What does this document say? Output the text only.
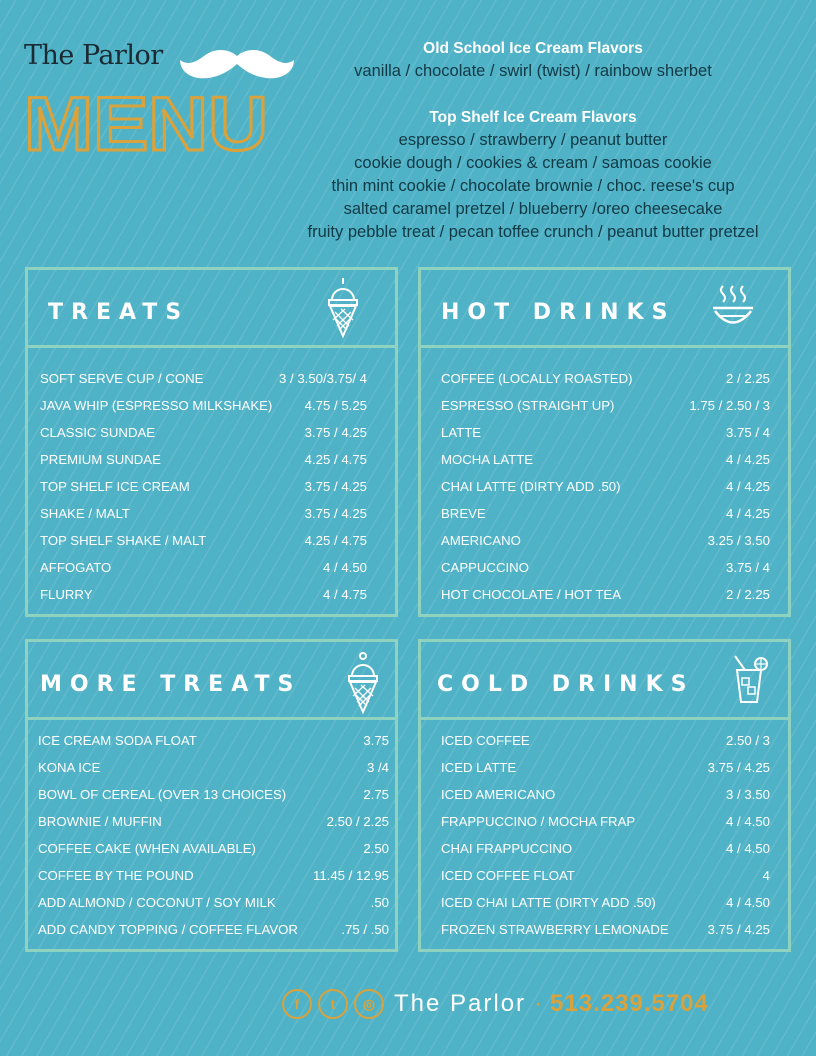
The Parlor
MENU
Old School Ice Cream Flavors
vanilla / chocolate / swirl (twist) / rainbow sherbet
Top Shelf Ice Cream Flavors
espresso / strawberry / peanut butter
cookie dough / cookies & cream / samoas cookie
thin mint cookie / chocolate brownie / choc. reese's cup
salted caramel pretzel / blueberry /oreo cheesecake
fruity pebble treat / pecan toffee crunch / peanut butter pretzel
TREATS
SOFT SERVE CUP / CONE	3 / 3.50/3.75/ 4
JAVA WHIP (ESPRESSO MILKSHAKE) 4.75 / 5.25
CLASSIC SUNDAE	3.75 / 4.25
PREMIUM SUNDAE	4.25 / 4.75
TOP SHELF ICE CREAM	3.75 / 4.25
SHAKE / MALT	3.75 / 4.25
TOP SHELF SHAKE / MALT	4.25 / 4.75
AFFOGATO	4 / 4.50
FLURRY	4 / 4.75
HOT DRINKS
COFFEE (LOCALLY ROASTED)	2 / 2.25
ESPRESSO (STRAIGHT UP)	1.75 / 2.50 / 3
LATTE	3.75 / 4
MOCHA LATTE	4 / 4.25
CHAI LATTE (DIRTY ADD .50)	4 / 4.25
BREVE	4 / 4.25
AMERICANO	3.25 / 3.50
CAPPUCCINO	3.75 / 4
HOT CHOCOLATE / HOT TEA	2 / 2.25
MORE TREATS
ICE CREAM SODA FLOAT	3.75
KONA ICE	3 /4
BOWL OF CEREAL (OVER 13 CHOICES)	2.75
BROWNIE / MUFFIN	2.50 / 2.25
COFFEE CAKE (WHEN AVAILABLE)	2.50
COFFEE BY THE POUND	11.45 / 12.95
ADD ALMOND / COCONUT / SOY MILK	.50
ADD CANDY TOPPING / COFFEE FLAVOR	.75 / .50
COLD DRINKS
ICED COFFEE	2.50 / 3
ICED LATTE	3.75 / 4.25
ICED AMERICANO	3 / 3.50
FRAPPUCCINO / MOCHA FRAP	4 / 4.50
CHAI FRAPPUCCINO	4 / 4.50
ICED COFFEE FLOAT	4
ICED CHAI LATTE (DIRTY ADD .50)	4 / 4.50
FROZEN STRAWBERRY LEMONADE	3.75 / 4.25
f	t	◎ The Parlor · 513.239.5704
